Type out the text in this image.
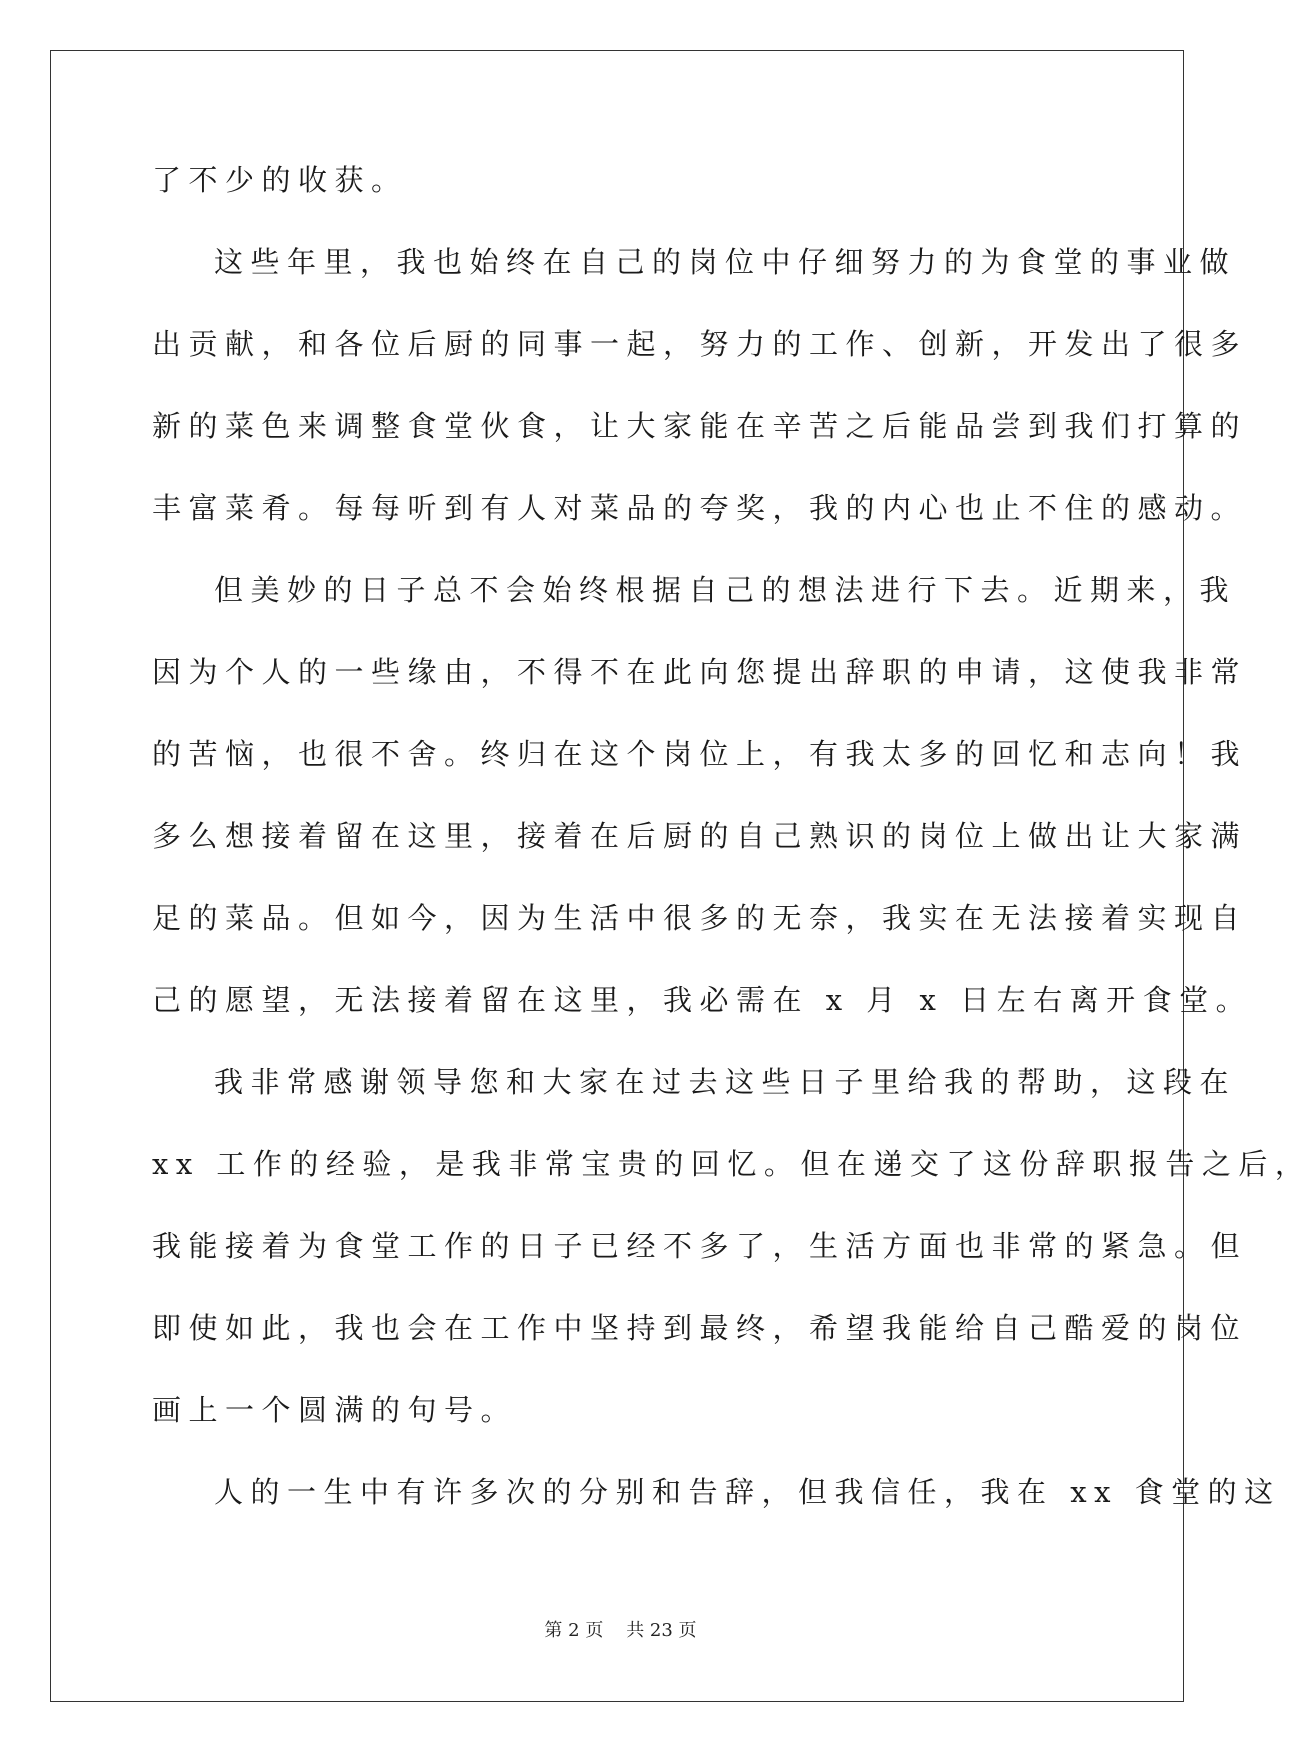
了不少的收获。
这些年里，我也始终在自己的岗位中仔细努力的为食堂的事业做
出贡献，和各位后厨的同事一起，努力的工作、创新，开发出了很多
新的菜色来调整食堂伙食，让大家能在辛苦之后能品尝到我们打算的
丰富菜肴。每每听到有人对菜品的夸奖，我的内心也止不住的感动。
但美妙的日子总不会始终根据自己的想法进行下去。近期来，我
因为个人的一些缘由，不得不在此向您提出辞职的申请，这使我非常
的苦恼，也很不舍。终归在这个岗位上，有我太多的回忆和志向！我
多么想接着留在这里，接着在后厨的自己熟识的岗位上做出让大家满
足的菜品。但如今，因为生活中很多的无奈，我实在无法接着实现自
己的愿望，无法接着留在这里，我必需在 x 月 x 日左右离开食堂。
我非常感谢领导您和大家在过去这些日子里给我的帮助，这段在
xx 工作的经验，是我非常宝贵的回忆。但在递交了这份辞职报告之后，
我能接着为食堂工作的日子已经不多了，生活方面也非常的紧急。但
即使如此，我也会在工作中坚持到最终，希望我能给自己酷爱的岗位
画上一个圆满的句号。
人的一生中有许多次的分别和告辞，但我信任，我在 xx 食堂的这
第 2 页    共 23 页
